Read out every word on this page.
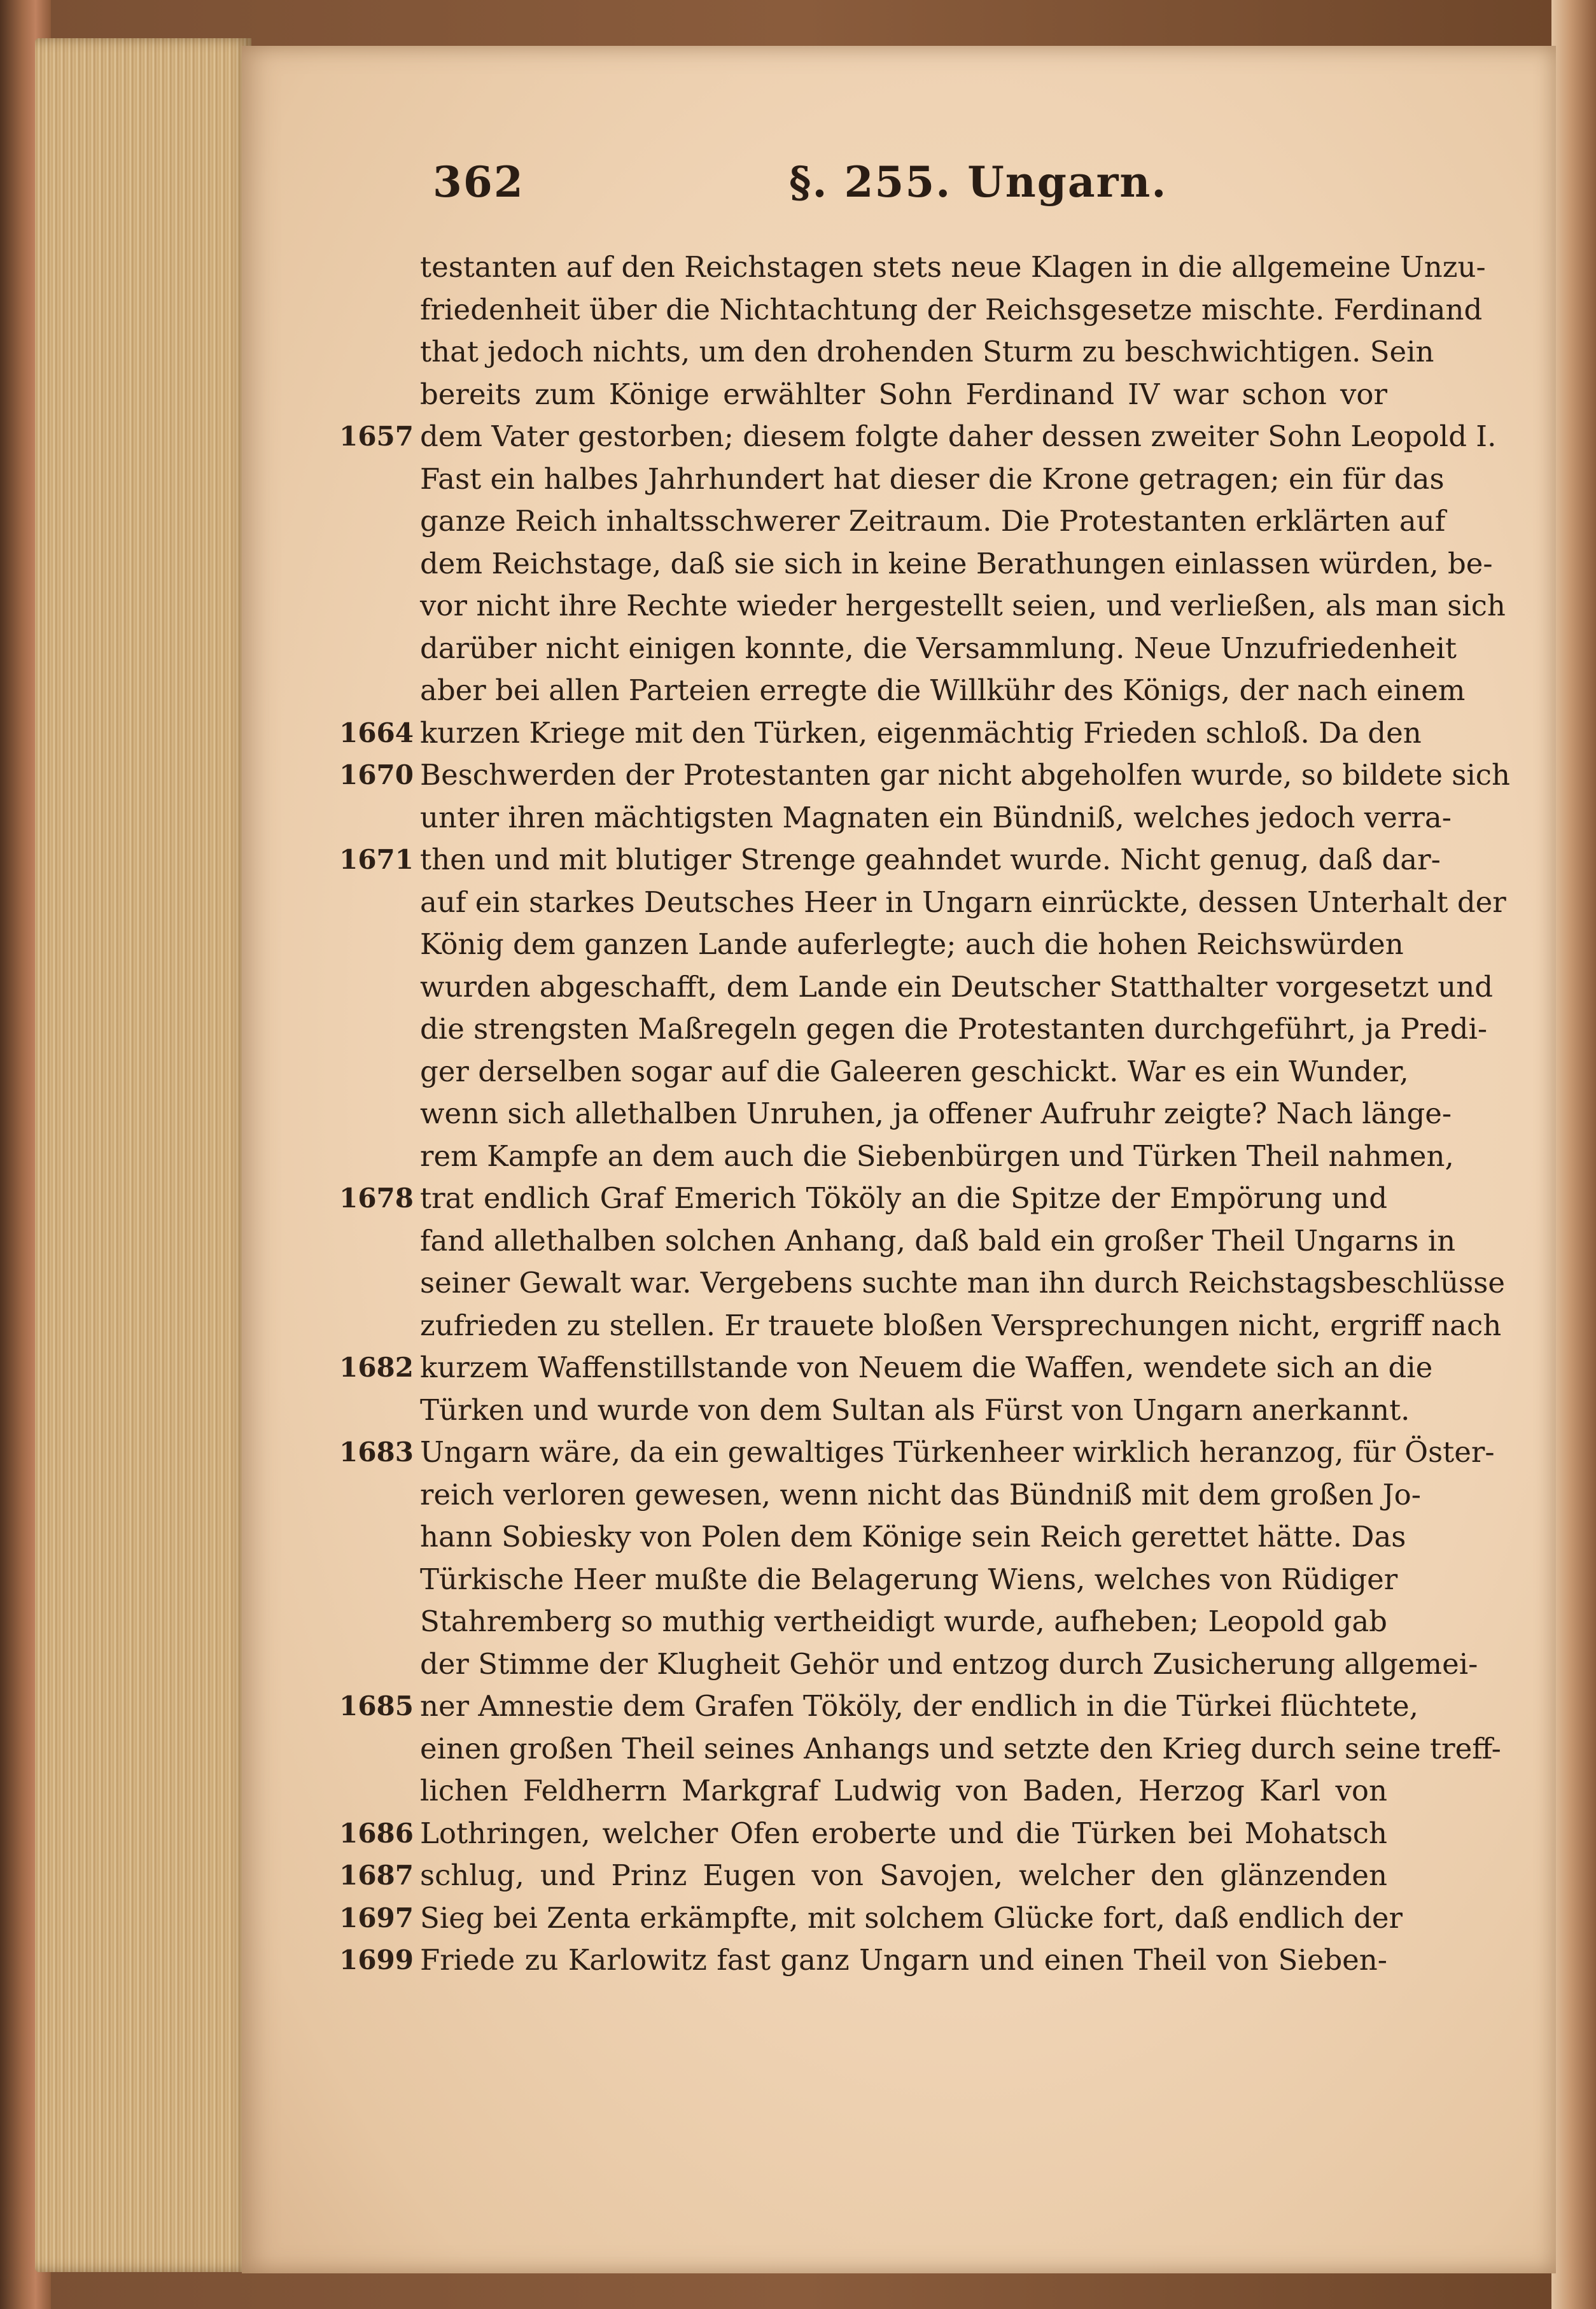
362	§. 255. Ungarn.
testanten auf den Reichstagen stets neue Klagen in die allgemeine Unzu-
friedenheit über die Nichtachtung der Reichsgesetze mischte. Ferdinand
that jedoch nichts, um den drohenden Sturm zu beschwichtigen. Sein
bereits zum Könige erwählter Sohn Ferdinand IV war schon vor
1657 dem Vater gestorben; diesem folgte daher dessen zweiter Sohn Leopold I.
Fast ein halbes Jahrhundert hat dieser die Krone getragen; ein für das
ganze Reich inhaltsschwerer Zeitraum. Die Protestanten erklärten auf
dem Reichstage, daß sie sich in keine Berathungen einlassen würden, be-
vor nicht ihre Rechte wieder hergestellt seien, und verließen, als man sich
darüber nicht einigen konnte, die Versammlung. Neue Unzufriedenheit
aber bei allen Parteien erregte die Willkühr des Königs, der nach einem
1664 kurzen Kriege mit den Türken, eigenmächtig Frieden schloß. Da den
1670 Beschwerden der Protestanten gar nicht abgeholfen wurde, so bildete sich
unter ihren mächtigsten Magnaten ein Bündniß, welches jedoch verra-
1671 then und mit blutiger Strenge geahndet wurde. Nicht genug, daß dar-
auf ein starkes Deutsches Heer in Ungarn einrückte, dessen Unterhalt der
König dem ganzen Lande auferlegte; auch die hohen Reichswürden
wurden abgeschafft, dem Lande ein Deutscher Statthalter vorgesetzt und
die strengsten Maßregeln gegen die Protestanten durchgeführt, ja Predi-
ger derselben sogar auf die Galeeren geschickt. War es ein Wunder,
wenn sich allethalben Unruhen, ja offener Aufruhr zeigte? Nach länge-
rem Kampfe an dem auch die Siebenbürgen und Türken Theil nahmen,
1678 trat endlich Graf Emerich Tököly an die Spitze der Empörung und
fand allethalben solchen Anhang, daß bald ein großer Theil Ungarns in
seiner Gewalt war. Vergebens suchte man ihn durch Reichstagsbeschlüsse
zufrieden zu stellen. Er trauete bloßen Versprechungen nicht, ergriff nach
1682 kurzem Waffenstillstande von Neuem die Waffen, wendete sich an die
Türken und wurde von dem Sultan als Fürst von Ungarn anerkannt.
1683 Ungarn wäre, da ein gewaltiges Türkenheer wirklich heranzog, für Öster-
reich verloren gewesen, wenn nicht das Bündniß mit dem großen Jo-
hann Sobiesky von Polen dem Könige sein Reich gerettet hätte. Das
Türkische Heer mußte die Belagerung Wiens, welches von Rüdiger
Stahremberg so muthig vertheidigt wurde, aufheben; Leopold gab
der Stimme der Klugheit Gehör und entzog durch Zusicherung allgemei-
1685 ner Amnestie dem Grafen Tököly, der endlich in die Türkei flüchtete,
einen großen Theil seines Anhangs und setzte den Krieg durch seine treff-
lichen Feldherrn Markgraf Ludwig von Baden, Herzog Karl von
1686 Lothringen, welcher Ofen eroberte und die Türken bei Mohatsch
1687 schlug, und Prinz Eugen von Savojen, welcher den glänzenden
1697 Sieg bei Zenta erkämpfte, mit solchem Glücke fort, daß endlich der
1699 Friede zu Karlowitz fast ganz Ungarn und einen Theil von Sieben-
